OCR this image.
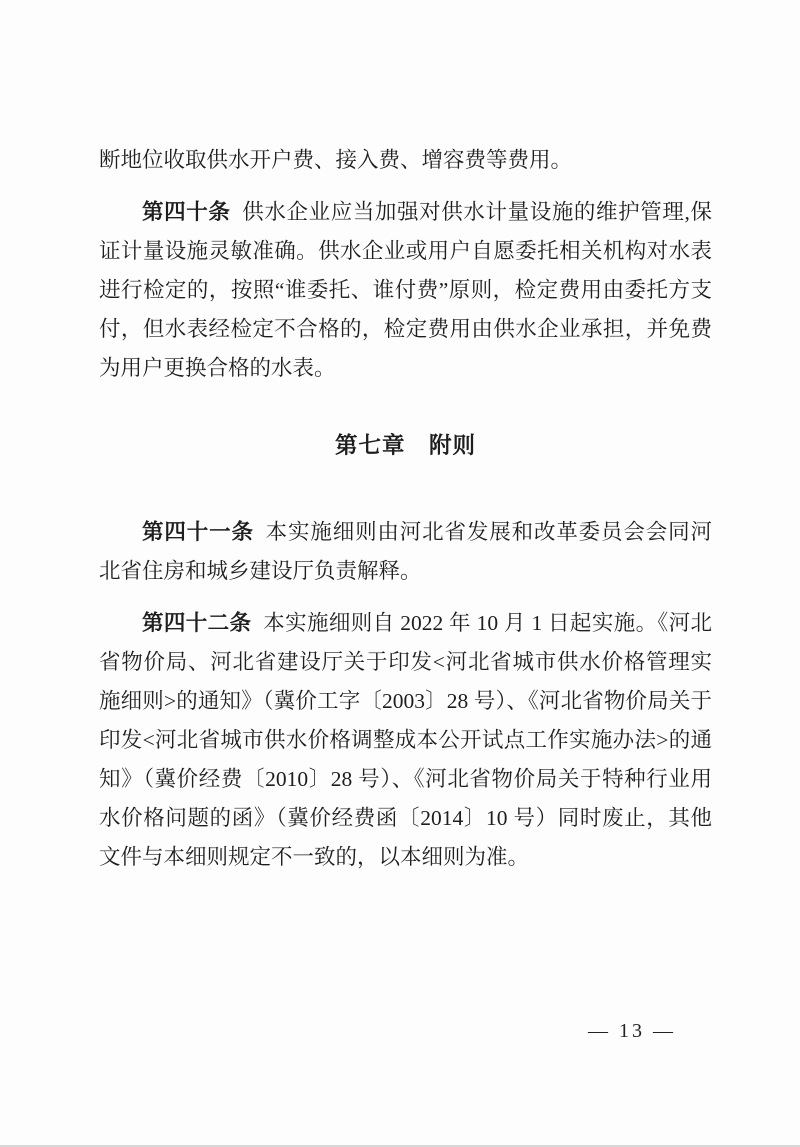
断地位收取供水开户费、接入费、增容费等费用。

第四十条 供水企业应当加强对供水计量设施的维护管理,保证计量设施灵敏准确。供水企业或用户自愿委托相关机构对水表进行检定的，按照“谁委托、谁付费”原则，检定费用由委托方支付，但水表经检定不合格的，检定费用由供水企业承担，并免费为用户更换合格的水表。

第七章　附则

第四十一条 本实施细则由河北省发展和改革委员会会同河北省住房和城乡建设厅负责解释。

第四十二条 本实施细则自 2022 年 10 月 1 日起实施。《河北省物价局、河北省建设厅关于印发<河北省城市供水价格管理实施细则>的通知》（冀价工字〔2003〕28 号）、《河北省物价局关于印发<河北省城市供水价格调整成本公开试点工作实施办法>的通知》（冀价经费〔2010〕28 号）、《河北省物价局关于特种行业用水价格问题的函》（冀价经费函〔2014〕10 号）同时废止，其他文件与本细则规定不一致的，以本细则为准。

— 13 —
